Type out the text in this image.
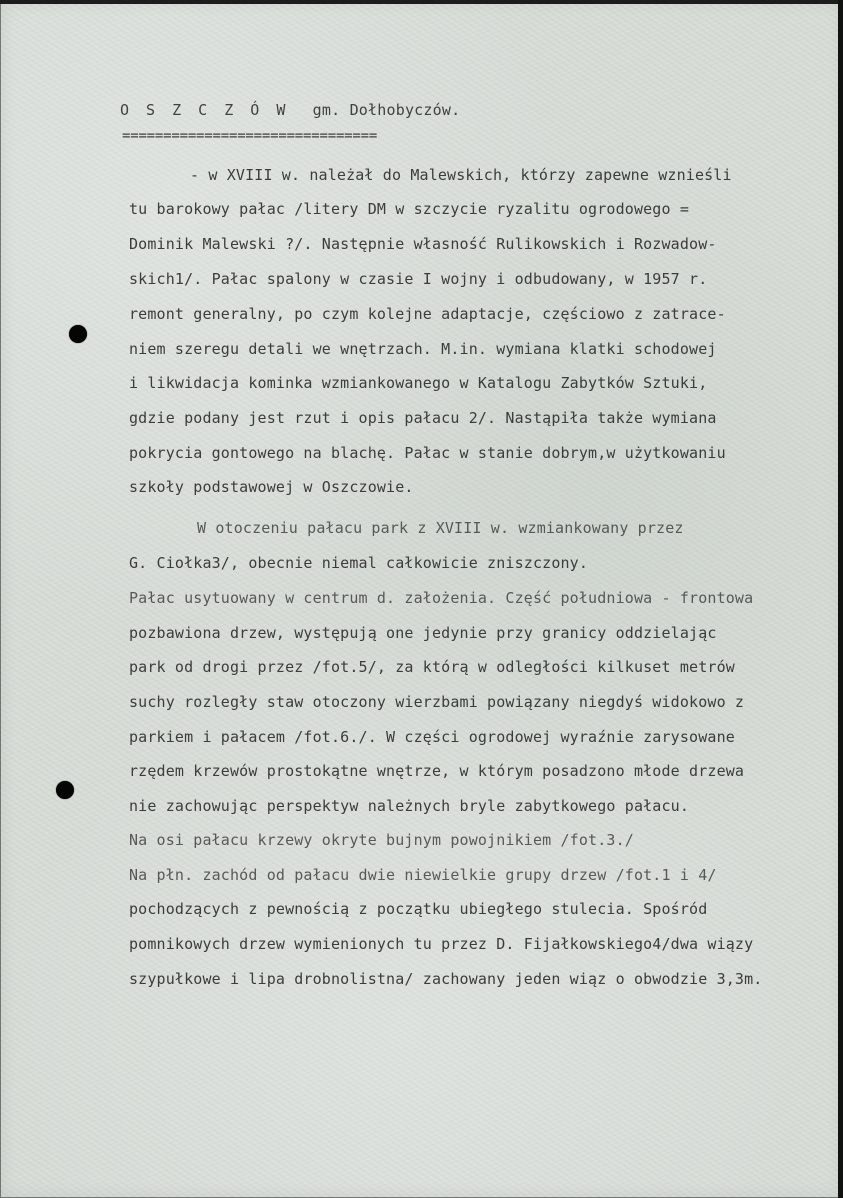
O S Z C Z Ó W gm. Dołhobyczów.
===============================
- w XVIII w. należał do Malewskich, którzy zapewne wznieśli
tu barokowy pałac /litery DM w szczycie ryzalitu ogrodowego =
Dominik Malewski ?/. Następnie własność Rulikowskich i Rozwadow-
skich1/. Pałac spalony w czasie I wojny i odbudowany, w 1957 r.
remont generalny, po czym kolejne adaptacje, częściowo z zatrace-
niem szeregu detali we wnętrzach. M.in. wymiana klatki schodowej
i likwidacja kominka wzmiankowanego w Katalogu Zabytków Sztuki,
gdzie podany jest rzut i opis pałacu 2/. Nastąpiła także wymiana
pokrycia gontowego na blachę. Pałac w stanie dobrym,w użytkowaniu
szkoły podstawowej w Oszczowie.
W otoczeniu pałacu park z XVIII w. wzmiankowany przez
G. Ciołka3/, obecnie niemal całkowicie zniszczony.
Pałac usytuowany w centrum d. założenia. Część południowa - frontowa
pozbawiona drzew, występują one jedynie przy granicy oddzielając
park od drogi przez /fot.5/, za którą w odległości kilkuset metrów
suchy rozległy staw otoczony wierzbami powiązany niegdyś widokowo z
parkiem i pałacem /fot.6./. W części ogrodowej wyraźnie zarysowane
rzędem krzewów prostokątne wnętrze, w którym posadzono młode drzewa
nie zachowując perspektyw należnych bryle zabytkowego pałacu.
Na osi pałacu krzewy okryte bujnym powojnikiem /fot.3./
Na płn. zachód od pałacu dwie niewielkie grupy drzew /fot.1 i 4/
pochodzących z pewnością z początku ubiegłego stulecia. Spośród
pomnikowych drzew wymienionych tu przez D. Fijałkowskiego4/dwa wiązy
szypułkowe i lipa drobnolistna/ zachowany jeden wiąz o obwodzie 3,3m.
